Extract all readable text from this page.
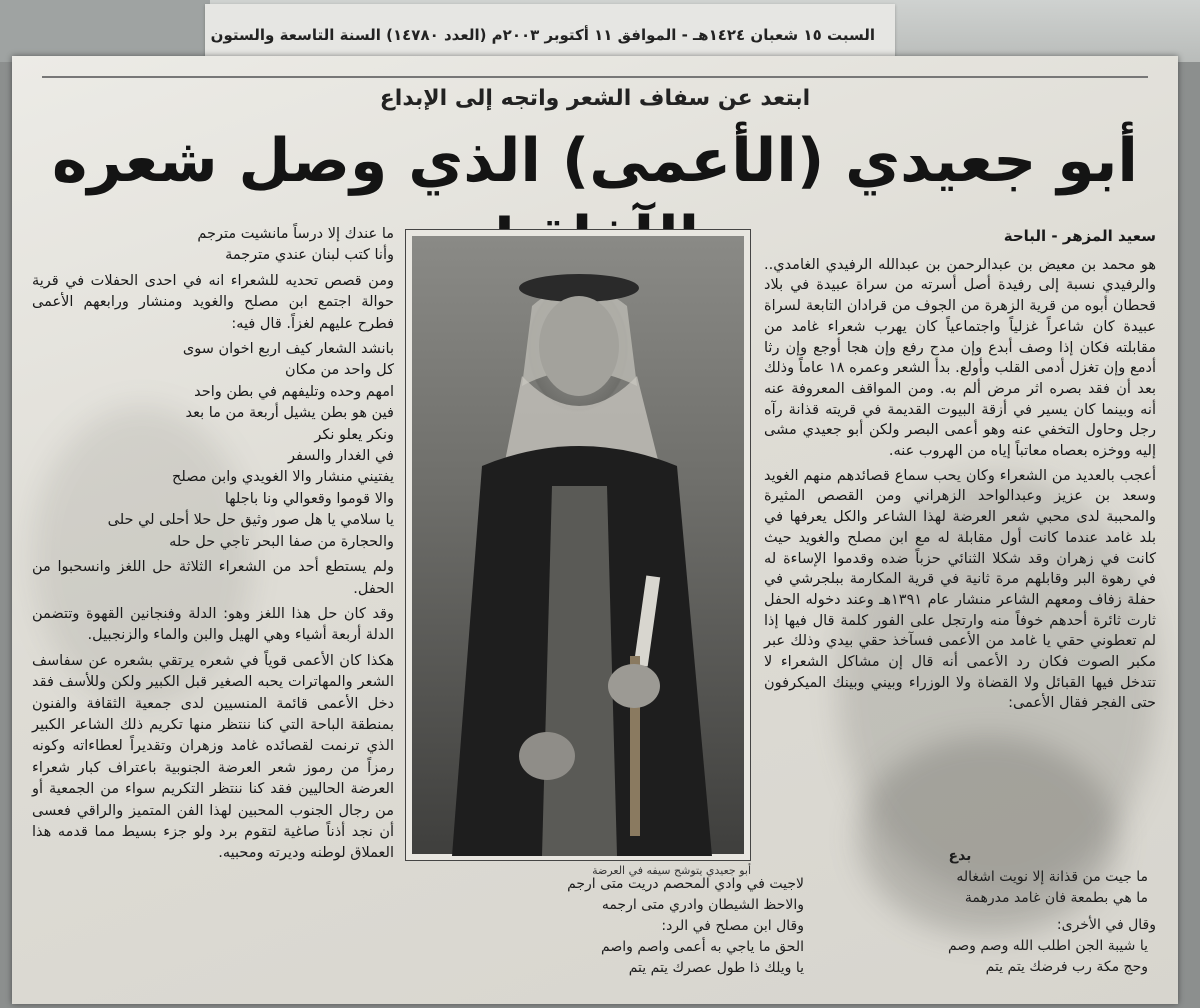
السبت ١٥ شعبان ١٤٢٤هـ - الموافق ١١ أكتوبر ٢٠٠٣م (العدد ١٤٧٨٠) السنة التاسعة والستون
ابتعد عن سفاف الشعر واتجه إلى الإبداع
أبو جعيدي (الأعمى) الذي وصل شعره

سعيد المزهر - الباحة

هو محمد بن معيض بن عبدالرحمن بن عبدالله الرفيدي الغامدي.. والرفيدي نسبة إلى رفيدة أصل أسرته من سراة عبيدة في بلاد قحطان أبوه من قرية الزهرة من الجوف من قرادان التابعة لسراة عبيدة كان شاعراً غزلياً واجتماعياً كان يهرب شعراء غامد من مقابلته فكان إذا وصف أبدع وإن مدح رفع وإن هجا أوجع وإن رثا أدمع وإن تغزل أدمى القلب وأولع. بدأ الشعر وعمره ١٨ عاماً وذلك بعد أن فقد بصره اثر مرض ألم به. ومن المواقف المعروفة عنه أنه وبينما كان يسير في أزقة البيوت القديمة في قريته قذانة رآه رجل وحاول التخفي عنه وهو أعمى البصر ولكن أبو جعيدي مشى إليه ووخزه بعصاه معاتباً إياه من الهروب عنه.

أعجب بالعديد من الشعراء وكان يحب سماع قصائدهم منهم الغويد وسعد بن عزيز وعبدالواحد الزهراني ومن القصص المثيرة والمحببة لدى محبي شعر العرضة لهذا الشاعر والكل يعرفها في بلد غامد عندما كانت أول مقابلة له مع ابن مصلح والغويد حيث كانت في زهران وقد شكلا الثنائي حزباً ضده وقدموا الإساءة له في رهوة البر وقابلهم مرة ثانية في قرية المكارمة ببلجرشي في حفلة زفاف ومعهم الشاعر منشار عام ١٣٩١هـ وعند دخوله الحفل ثارت ثائرة أحدهم خوفاً منه وارتجل على الفور كلمة قال فيها إذا لم تعطوني حقي يا غامد من الأعمى فسآخذ حقي بيدي وذلك عبر مكبر الصوت فكان رد الأعمى أنه قال إن مشاكل الشعراء لا تتدخل فيها القبائل ولا القضاة ولا الوزراء وبيني وبينك الميكرفون حتى الفجر فقال الأعمى:

أبو جعيدي يتوشح سيفه في العرضة

ما عندك إلا درساً مانشيت مترجم

وأنا كتب لبنان عندي مترجمة

ومن قصص تحديه للشعراء انه في احدى الحفلات في قرية حوالة اجتمع ابن مصلح والغويد ومنشار ورابعهم الأعمى فطرح عليهم لغزاً. قال فيه:

بانشد الشعار كيف اربع اخوان سوى

كل واحد من مكان

امهم وحده وتليفهم في بطن واحد

فين هو بطن يشيل أربعة من ما بعد

ونكر يعلو نكر

في الغدار والسفر

يفتيني منشار والا الغويدي وابن مصلح

والا قوموا وقعوالي ونا باجلها

يا سلامي يا هل صور وثيق حل حلا أحلى لي حلى

والحجارة من صفا البحر تاجي حل حله

ولم يستطع أحد من الشعراء الثلاثة حل اللغز وانسحبوا من الحفل.

وقد كان حل هذا اللغز وهو: الدلة وفنجانين القهوة وتتضمن الدلة أربعة أشياء وهي الهيل والبن والماء والزنجبيل.

هكذا كان الأعمى قوياً في شعره يرتقي بشعره عن سفاسف الشعر والمهاترات يحبه الصغير قبل الكبير ولكن وللأسف فقد دخل الأعمى قائمة المنسيين لدى جمعية الثقافة والفنون بمنطقة الباحة التي كنا ننتظر منها تكريم ذلك الشاعر الكبير الذي ترنمت لقصائده غامد وزهران وتقديراً لعطاءاته وكونه رمزاً من رموز شعر العرضة الجنوبية باعتراف كبار شعراء العرضة الحاليين فقد كنا ننتظر التكريم سواء من الجمعية أو من رجال الجنوب المحبين لهذا الفن المتميز والراقي فعسى أن نجد أذناً صاغية لتقوم برد ولو جزء بسيط مما قدمه هذا العملاق لوطنه وديرته ومحبيه.

لاجيت في وادي المحصم دريت متى ارجم

والاحظ الشيطان وادري متى ارجمه

وقال ابن مصلح في الرد:

الحق ما ياجي به أعمى واصم واصم

يا ويلك ذا طول عصرك يتم يتم

بدع

ما جيت من قذانة إلا نويت اشغاله

ما هي بطمعة فان غامد مدرهمة

وقال في الأخرى:

يا شيبة الجن اطلب الله وصم وصم

وحج مكة رب فرضك يتم يتم
